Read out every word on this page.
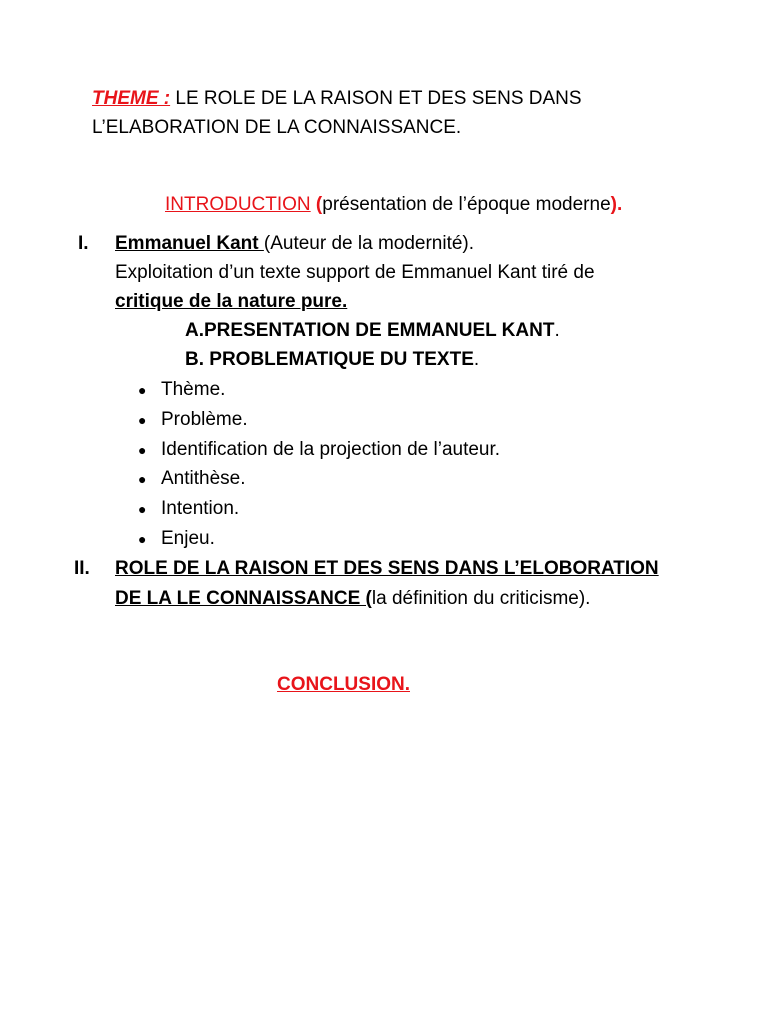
THEME : LE ROLE DE LA RAISON ET DES SENS DANS
L’ELABORATION DE LA CONNAISSANCE.
INTRODUCTION (présentation de l’époque moderne).
I. Emmanuel Kant (Auteur de la modernité).
Exploitation d’un texte support de Emmanuel Kant tiré de
critique de la nature pure.
A.PRESENTATION DE EMMANUEL KANT.
B. PROBLEMATIQUE DU TEXTE.
● Thème.
● Problème.
● Identification de la projection de l’auteur.
● Antithèse.
● Intention.
● Enjeu.
II. ROLE DE LA RAISON ET DES SENS DANS L’ELOBORATION
DE LA LE CONNAISSANCE (la définition du criticisme).
CONCLUSION.
